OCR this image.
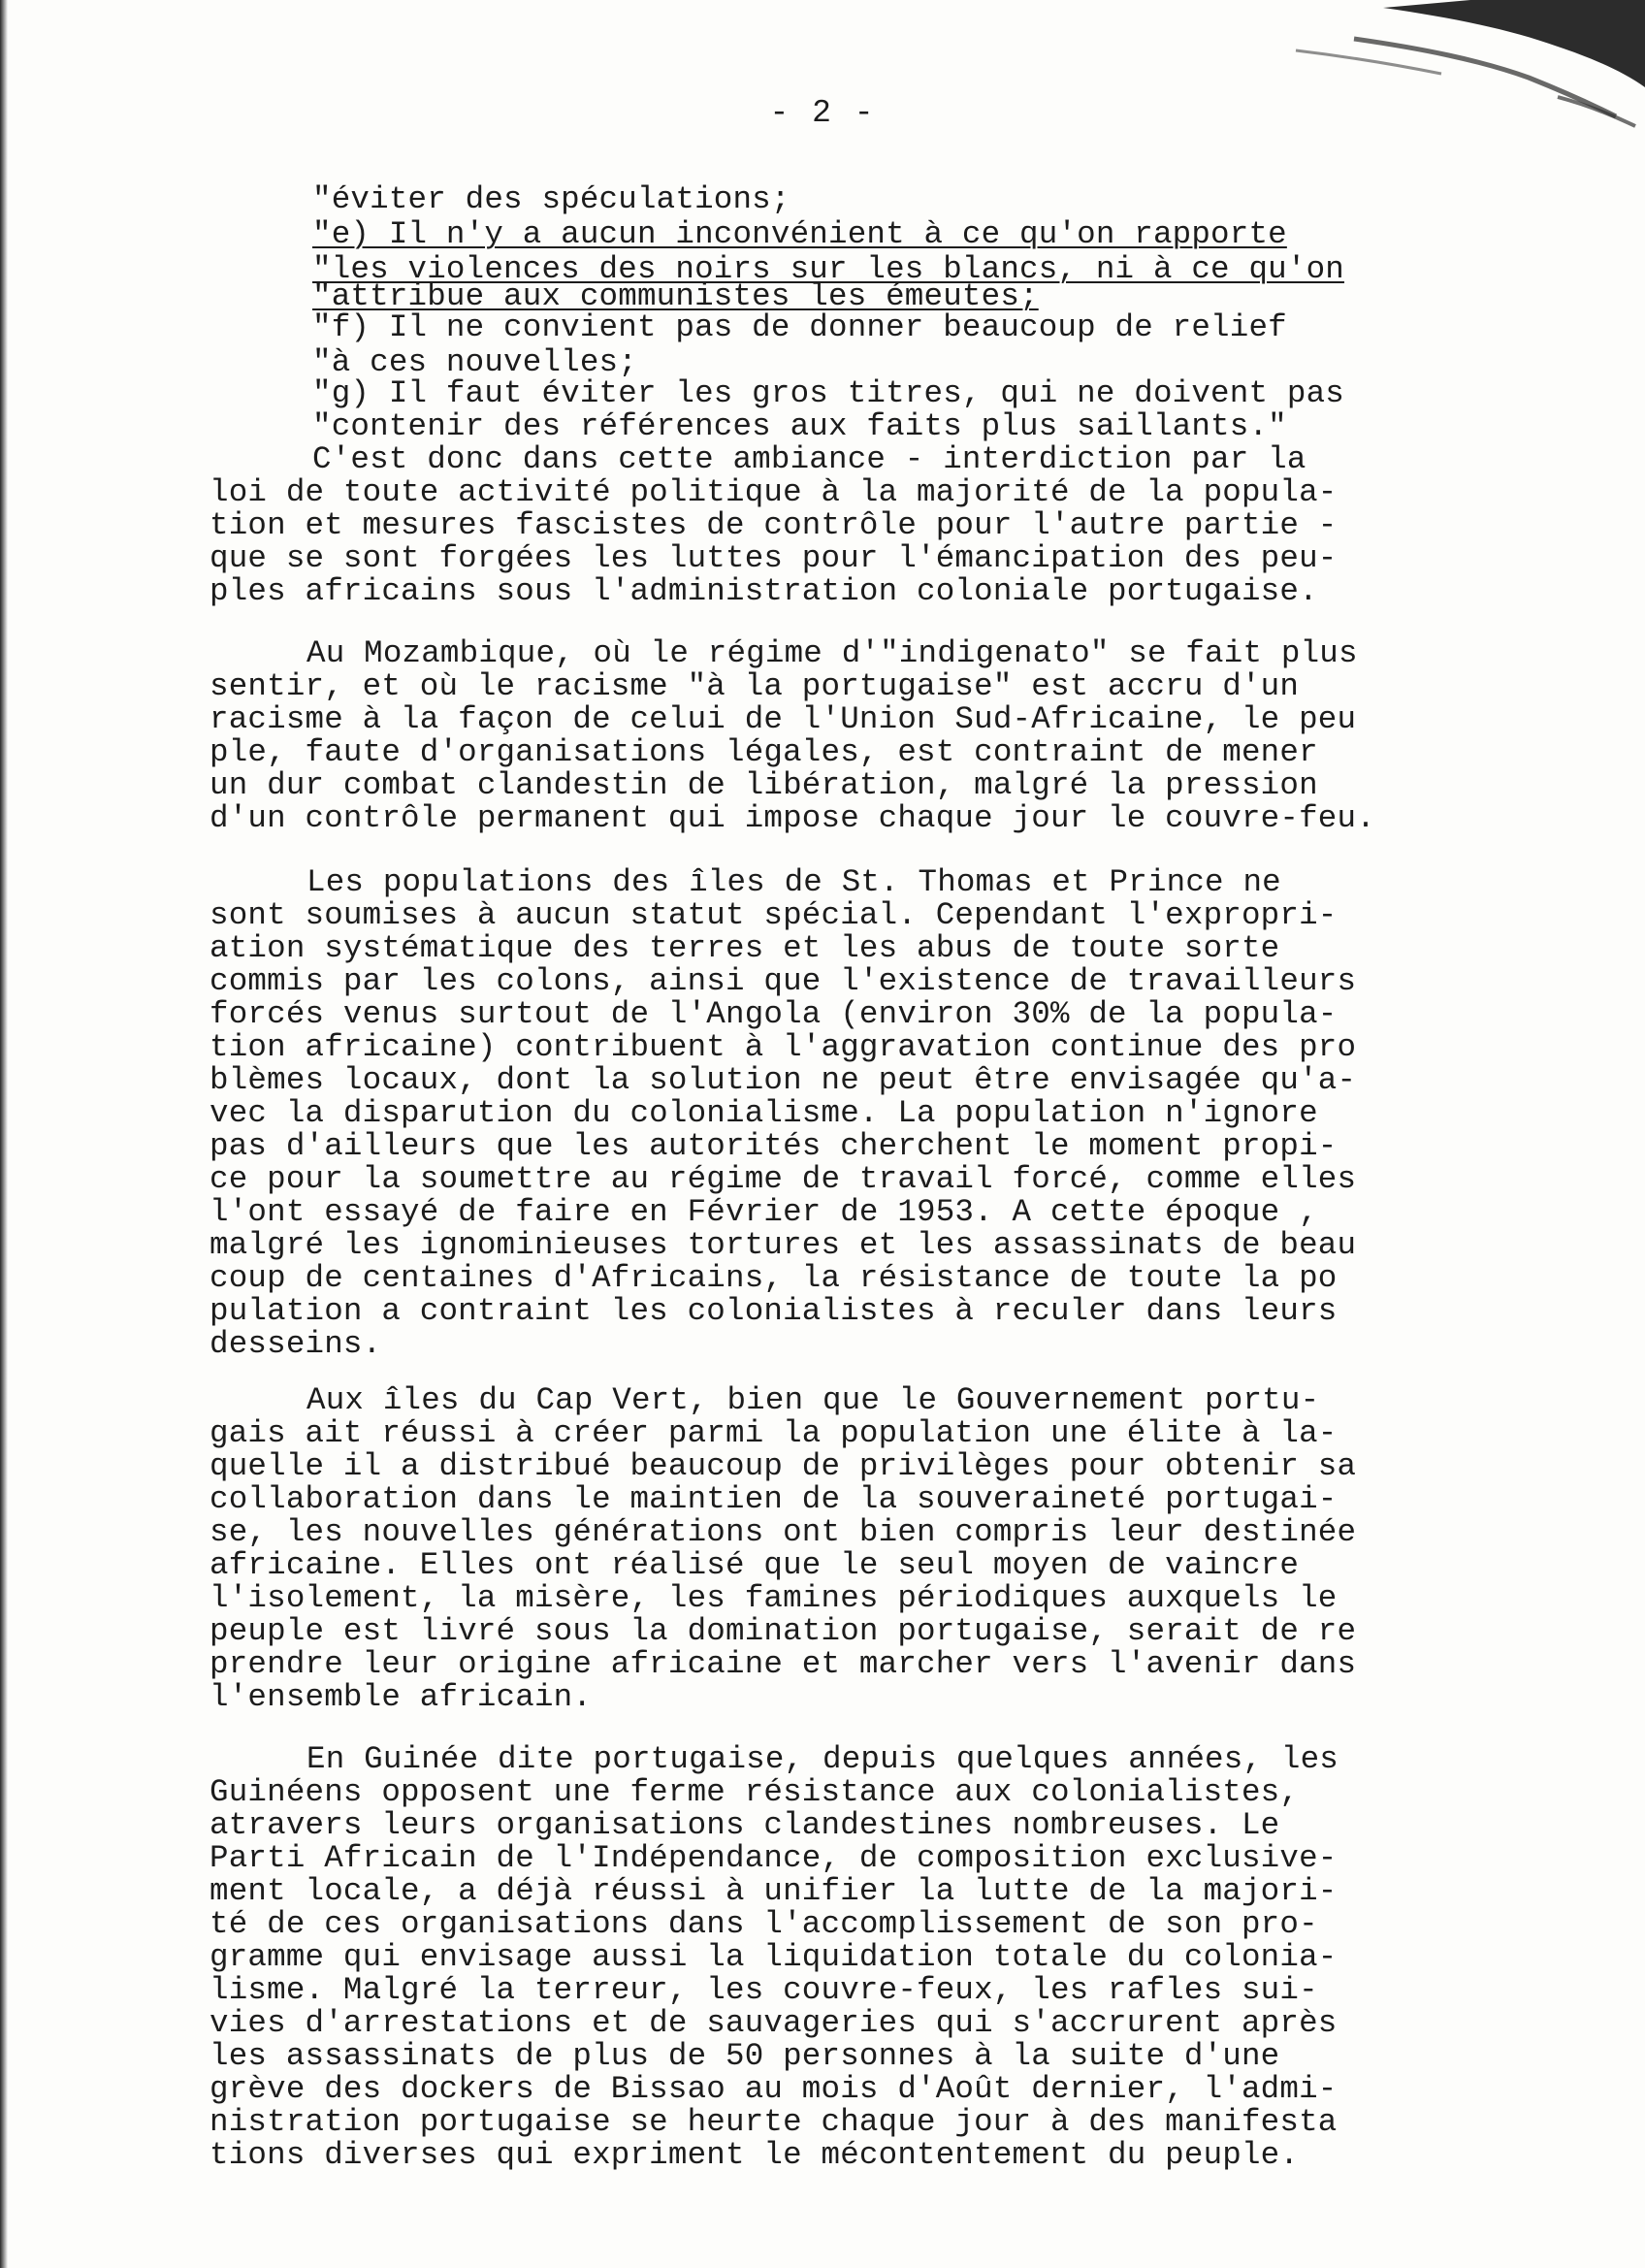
- 2 -
"éviter des spéculations;
"e) Il n'y a aucun inconvénient à ce qu'on rapporte
"les violences des noirs sur les blancs, ni à ce qu'on
"attribue aux communistes les émeutes;
"f) Il ne convient pas de donner beaucoup de relief
"à ces nouvelles;
"g) Il faut éviter les gros titres, qui ne doivent pas
"contenir des références aux faits plus saillants."
C'est donc dans cette ambiance - interdiction par la
loi de toute activité politique à la majorité de la popula-
tion et mesures fascistes de contrôle pour l'autre partie -
que se sont forgées les luttes pour l'émancipation des peu-
ples africains sous l'administration coloniale portugaise.
Au Mozambique, où le régime d'"indigenato" se fait plus
sentir, et où le racisme "à la portugaise" est accru d'un
racisme à la façon de celui de l'Union Sud-Africaine, le peu
ple, faute d'organisations légales, est contraint de mener
un dur combat clandestin de libération, malgré la pression
d'un contrôle permanent qui impose chaque jour le couvre-feu.
Les populations des îles de St. Thomas et Prince ne
sont soumises à aucun statut spécial. Cependant l'expropri-
ation systématique des terres et les abus de toute sorte
commis par les colons, ainsi que l'existence de travailleurs
forcés venus surtout de l'Angola (environ 30% de la popula-
tion africaine) contribuent à l'aggravation continue des pro
blèmes locaux, dont la solution ne peut être envisagée qu'a-
vec la disparution du colonialisme. La population n'ignore
pas d'ailleurs que les autorités cherchent le moment propi-
ce pour la soumettre au régime de travail forcé, comme elles
l'ont essayé de faire en Février de 1953. A cette époque ,
malgré les ignominieuses tortures et les assassinats de beau
coup de centaines d'Africains, la résistance de toute la po
pulation a contraint les colonialistes à reculer dans leurs
desseins.
Aux îles du Cap Vert, bien que le Gouvernement portu-
gais ait réussi à créer parmi la population une élite à la-
quelle il a distribué beaucoup de privilèges pour obtenir sa
collaboration dans le maintien de la souveraineté portugai-
se, les nouvelles générations ont bien compris leur destinée
africaine. Elles ont réalisé que le seul moyen de vaincre
l'isolement, la misère, les famines périodiques auxquels le
peuple est livré sous la domination portugaise, serait de re
prendre leur origine africaine et marcher vers l'avenir dans
l'ensemble africain.
En Guinée dite portugaise, depuis quelques années, les
Guinéens opposent une ferme résistance aux colonialistes,
atravers leurs organisations clandestines nombreuses. Le
Parti Africain de l'Indépendance, de composition exclusive-
ment locale, a déjà réussi à unifier la lutte de la majori-
té de ces organisations dans l'accomplissement de son pro-
gramme qui envisage aussi la liquidation totale du colonia-
lisme. Malgré la terreur, les couvre-feux, les rafles sui-
vies d'arrestations et de sauvageries qui s'accrurent après
les assassinats de plus de 50 personnes à la suite d'une
grève des dockers de Bissao au mois d'Août dernier, l'admi-
nistration portugaise se heurte chaque jour à des manifesta
tions diverses qui expriment le mécontentement du peuple.
